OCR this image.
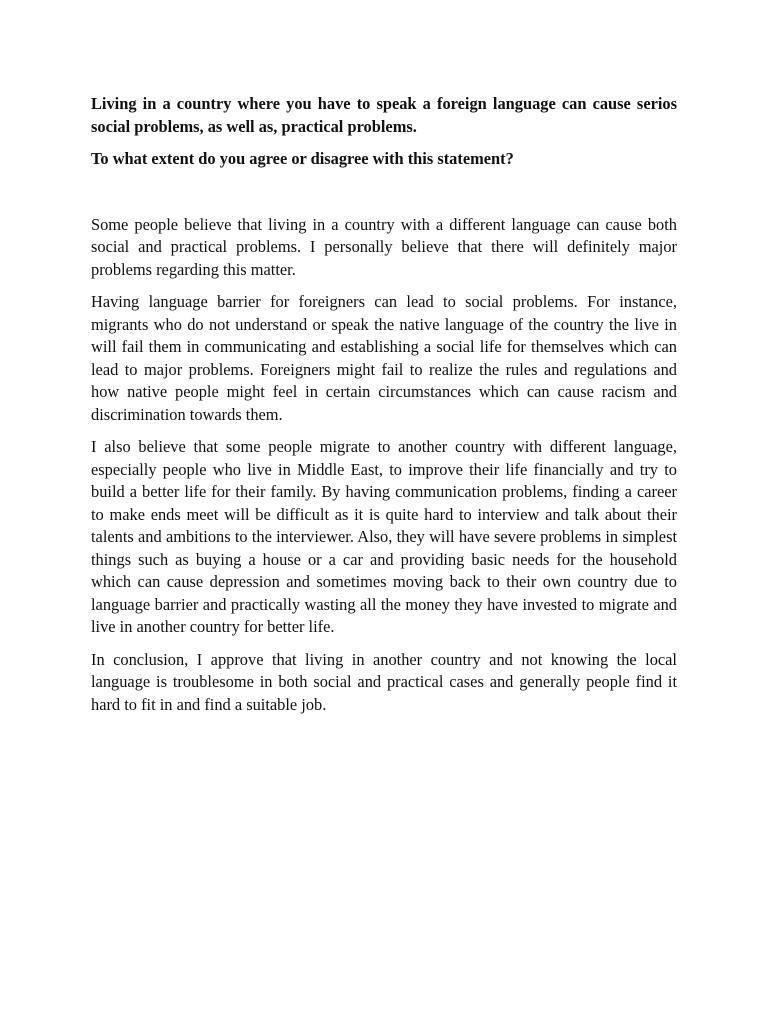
Living in a country where you have to speak a foreign language can cause serios social problems, as well as, practical problems.

To what extent do you agree or disagree with this statement?

Some people believe that living in a country with a different language can cause both social and practical problems. I personally believe that there will definitely major problems regarding this matter.

Having language barrier for foreigners can lead to social problems. For instance, migrants who do not understand or speak the native language of the country the live in will fail them in communicating and establishing a social life for themselves which can lead to major problems. Foreigners might fail to realize the rules and regulations and how native people might feel in certain circumstances which can cause racism and discrimination towards them.

I also believe that some people migrate to another country with different language, especially people who live in Middle East, to improve their life financially and try to build a better life for their family. By having communication problems, finding a career to make ends meet will be difficult as it is quite hard to interview and talk about their talents and ambitions to the interviewer. Also, they will have severe problems in simplest things such as buying a house or a car and providing basic needs for the household which can cause depression and sometimes moving back to their own country due to language barrier and practically wasting all the money they have invested to migrate and live in another country for better life.

In conclusion, I approve that living in another country and not knowing the local language is troublesome in both social and practical cases and generally people find it hard to fit in and find a suitable job.
